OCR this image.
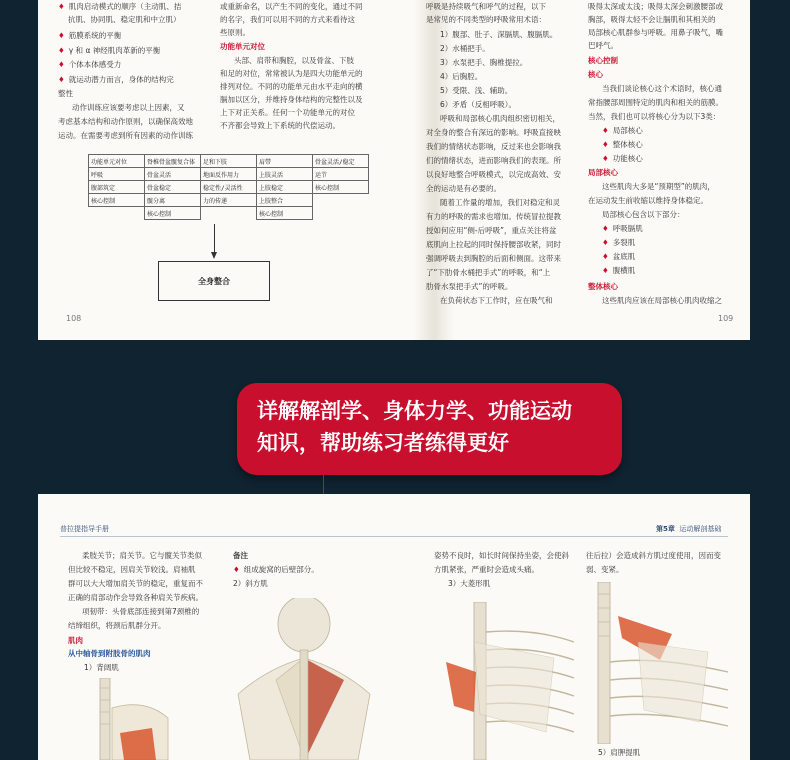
♦ 肌肉启动模式的顺序（主动肌、拮
抗肌、协同肌、稳定肌和中立肌）
♦ 筋膜系统的平衡
♦ γ 和 α 神经肌肉革新的平衡
♦ 个体本体感受力
♦ 就运动潜力而言，身体的结构完
整性
动作训练应该要考虑以上因素，又
考虑基本结构和动作原则，以确保高效地
运动。在需要考虑到所有因素的动作训练
或重新命名，以产生不同的变化，通过不同
的名字，我们可以用不同的方式来看待这
些原则。
功能单元对位
头部、肩带和胸腔，以及骨盆、下肢
和足的对位，常常被认为是四大功能单元的
排列对位。不同的功能单元由水平走向的横
膈加以区分，并维持身体结构的完整性以及
上下对正关系。任何一个功能单元的对位
不齐都会导致上下系统的代偿运动。
功能单元对位	脊椎骨盆髋复合体	足和下肢	肩带	骨盆灵活/稳定
呼吸	骨盆灵活	地面反作用力	上肢灵活	运节
腹部筑定	骨盆稳定	稳定性/灵活性	上肢稳定	核心控制
核心控制	髋分离	力的传递	上肢整合	
	核心控制		核心控制	
全身整合
108
呼吸是持续吸气和呼气的过程，以下
是常见的不同类型的呼吸常用术语：
1）腹部、肚子、深膈肌、腹膈肌。
2）水桶把手。
3）水泵把手、胸椎提拉。
4）后胸腔。
5）受限、浅、辅助。
6）矛盾（反相呼吸）。
呼吸和局部核心肌肉组织密切相关，
对全身的整合有深远的影响。呼吸直接映
我们的情绪状态影响，反过来也会影响我
们的情绪状态，进而影响我们的表现。所
以良好地整合呼吸模式，以完成高效、安
全的运动是有必要的。
随着工作量的增加，我们对稳定和灵
有力的呼吸的需求也增加。传统冒拉提教
授如何应用“侧-后呼吸”，重点关注将盆
底肌向上拉起的同时保持腰部收紧，同时
强调呼吸去到胸腔的后面和侧面。这带来
了“下肋骨水桶把手式”的呼吸，和“上
肋骨水泵把手式”的呼吸。
在负荷状态下工作时，应在吸气和
吸得太深或太浅；吸得太深会刺激腰部或
胸部，吸得太轻不会让膈肌和其相关的
局部核心肌群参与呼吸。用鼻子吸气，嘴
巴呼气。
核心控制
核心
当我们谈论核心这个术语时，核心通
常指腰部周围特定的肌肉和相关的筋膜。
当然，我们也可以将核心分为以下3类：
♦ 局部核心
♦ 整体核心
♦ 功能核心
局部核心
这些肌肉大多是“预期型”的肌肉，
在运动发生前收缩以维持身体稳定。
局部核心包含以下部分：
♦ 呼吸膈肌
♦ 多裂肌
♦ 盆底肌
♦ 腹横肌
整体核心
这些肌肉应该在局部核心肌肉收缩之
109
详解解剖学、身体力学、功能运动
知识，帮助练习者练得更好
普拉提指导手册	第5章 运动解剖基础
柔肢关节；肩关节。它与髋关节类似
但比较不稳定，因肩关节较浅。肩袖肌
群可以大大增加肩关节的稳定，重复而不
正确的肩部动作会导致各种肩关节疾病。
项韧带：头骨底部连接到第7颈椎的
结缔组织，将颈后肌群分开。
肌肉
从中轴骨到附肢骨的肌肉
1）背阔肌
备注
♦ 组成旋窝的后壁部分。
2）斜方肌
姿势不良时，如长时间保持坐姿，会使斜
方肌紧张，严重时会造成头痛。
3）大菱形肌
往后拉）会造成斜方肌过度使用，因而变
弱、变紧。
5）肩胛提肌
